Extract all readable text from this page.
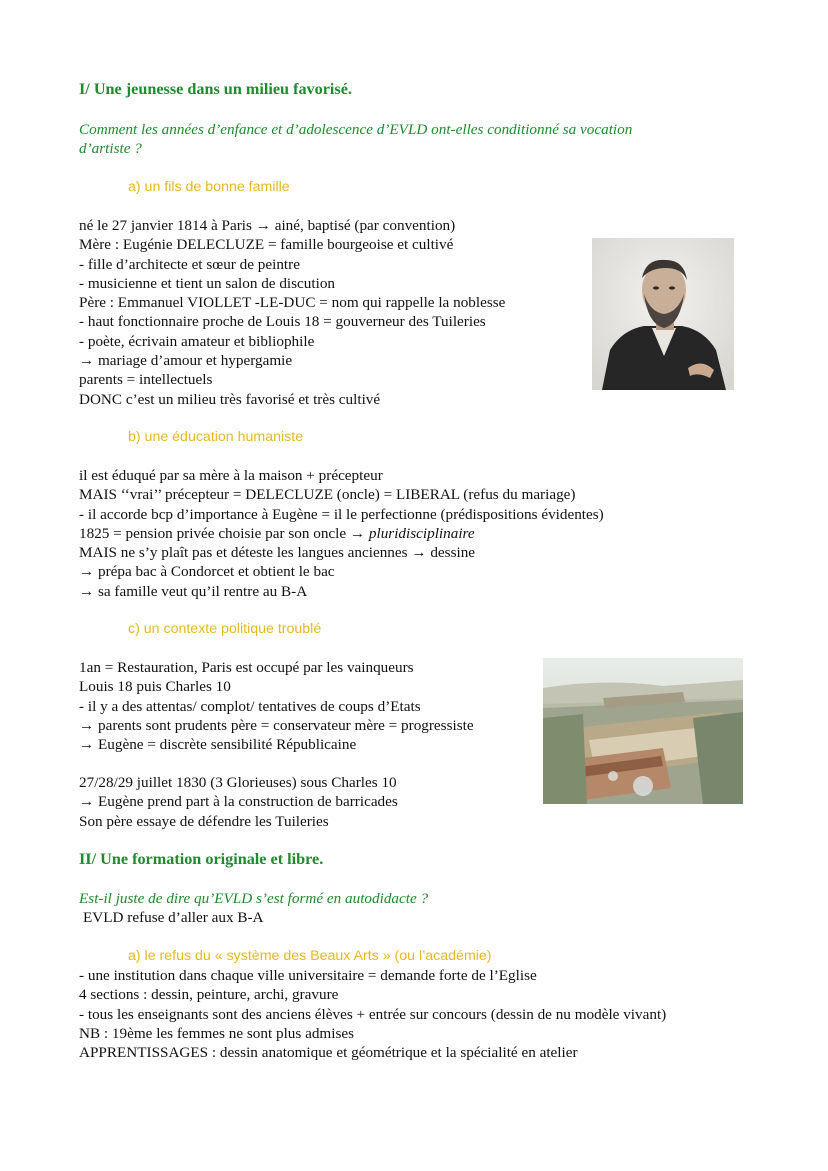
I/ Une jeunesse dans un milieu favorisé.
Comment les années d’enfance et d’adolescence d’EVLD ont-elles conditionné sa vocation
d’artiste ?
a) un fils de bonne famille
né le 27 janvier 1814 à Paris → ainé, baptisé (par convention)
Mère : Eugénie DELECLUZE = famille bourgeoise et cultivé
- fille d’architecte et sœur de peintre
- musicienne et tient un salon de discution
Père : Emmanuel VIOLLET -LE-DUC = nom qui rappelle la noblesse
- haut fonctionnaire proche de Louis 18 = gouverneur des Tuileries
- poète, écrivain amateur et bibliophile
→ mariage d’amour et hypergamie
parents = intellectuels
DONC c’est un milieu très favorisé et très cultivé
b) une éducation humaniste
il est éduqué par sa mère à la maison + précepteur
MAIS ‘‘vrai’’ précepteur = DELECLUZE (oncle) = LIBERAL (refus du mariage)
- il accorde bcp d’importance à Eugène = il le perfectionne (prédispositions évidentes)
1825 = pension privée choisie par son oncle → pluridisciplinaire
MAIS ne s’y plaît pas et déteste les langues anciennes → dessine
→ prépa bac à Condorcet et obtient le bac
→ sa famille veut qu’il rentre au B-A
c) un contexte politique troublé
1an = Restauration, Paris est occupé par les vainqueurs
Louis 18 puis Charles 10
- il y a des attentas/ complot/ tentatives de coups d’Etats
→ parents sont prudents père = conservateur mère = progressiste
→ Eugène = discrète sensibilité Républicaine
27/28/29 juillet 1830 (3 Glorieuses) sous Charles 10
→ Eugène prend part à la construction de barricades
Son père essaye de défendre les Tuileries
II/ Une formation originale et libre.
Est-il juste de dire qu’EVLD s’est formé en autodidacte ?
EVLD refuse d’aller aux B-A
a) le refus du « système des Beaux Arts » (ou l’académie)
- une institution dans chaque ville universitaire = demande forte de l’Eglise
4 sections : dessin, peinture, archi, gravure
- tous les enseignants sont des anciens élèves + entrée sur concours (dessin de nu modèle vivant)
NB : 19ème les femmes ne sont plus admises
APPRENTISSAGES : dessin anatomique et géométrique et la spécialité en atelier
